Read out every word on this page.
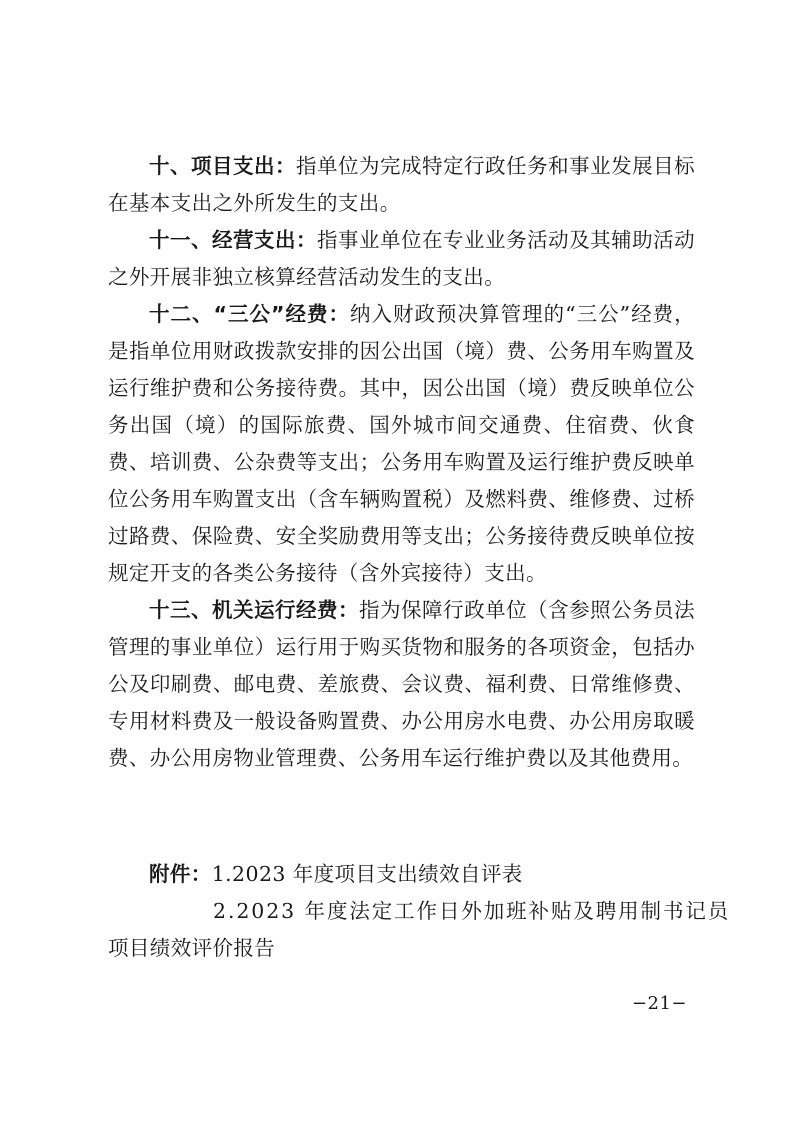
十、项目支出：指单位为完成特定行政任务和事业发展目标在基本支出之外所发生的支出。

十一、经营支出：指事业单位在专业业务活动及其辅助活动之外开展非独立核算经营活动发生的支出。

十二、“三公”经费：纳入财政预决算管理的“三公”经费，是指单位用财政拨款安排的因公出国（境）费、公务用车购置及运行维护费和公务接待费。其中，因公出国（境）费反映单位公务出国（境）的国际旅费、国外城市间交通费、住宿费、伙食费、培训费、公杂费等支出；公务用车购置及运行维护费反映单位公务用车购置支出（含车辆购置税）及燃料费、维修费、过桥过路费、保险费、安全奖励费用等支出；公务接待费反映单位按规定开支的各类公务接待（含外宾接待）支出。

十三、机关运行经费：指为保障行政单位（含参照公务员法管理的事业单位）运行用于购买货物和服务的各项资金，包括办公及印刷费、邮电费、差旅费、会议费、福利费、日常维修费、专用材料费及一般设备购置费、办公用房水电费、办公用房取暖费、办公用房物业管理费、公务用车运行维护费以及其他费用。

附件：1.2023 年度项目支出绩效自评表

2.2023 年度法定工作日外加班补贴及聘用制书记员

项目绩效评价报告

−21−
